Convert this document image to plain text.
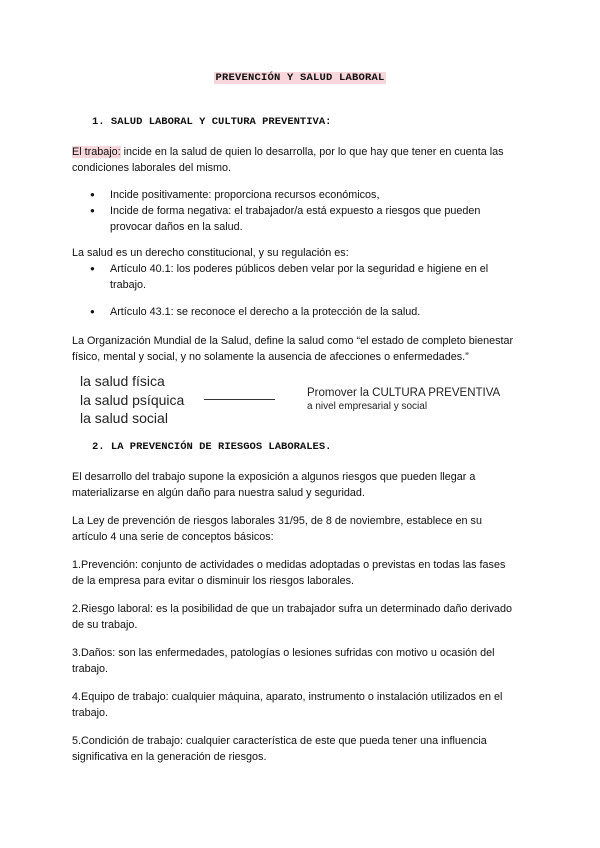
PREVENCIÓN Y SALUD LABORAL
1. SALUD LABORAL Y CULTURA PREVENTIVA:
El trabajo: incide en la salud de quien lo desarrolla, por lo que hay que tener en cuenta las
condiciones laborales del mismo.
● Incide positivamente: proporciona recursos económicos,
● Incide de forma negativa: el trabajador/a está expuesto a riesgos que pueden
provocar daños en la salud.
La salud es un derecho constitucional, y su regulación es:
● Artículo 40.1: los poderes públicos deben velar por la seguridad e higiene en el
trabajo.
● Artículo 43.1: se reconoce el derecho a la protección de la salud.
La Organización Mundial de la Salud, define la salud como “el estado de completo bienestar
físico, mental y social, y no solamente la ausencia de afecciones o enfermedades.”
la salud física
la salud psíquica
la salud social
Promover la CULTURA PREVENTIVA
a nivel empresarial y social
2. LA PREVENCIÓN DE RIESGOS LABORALES.
El desarrollo del trabajo supone la exposición a algunos riesgos que pueden llegar a
materializarse en algún daño para nuestra salud y seguridad.
La Ley de prevención de riesgos laborales 31/95, de 8 de noviembre, establece en su
artículo 4 una serie de conceptos básicos:
1.Prevención: conjunto de actividades o medidas adoptadas o previstas en todas las fases
de la empresa para evitar o disminuir los riesgos laborales.
2.Riesgo laboral: es la posibilidad de que un trabajador sufra un determinado daño derivado
de su trabajo.
3.Daños: son las enfermedades, patologías o lesiones sufridas con motivo u ocasión del
trabajo.
4.Equipo de trabajo: cualquier máquina, aparato, instrumento o instalación utilizados en el
trabajo.
5.Condición de trabajo: cualquier característica de este que pueda tener una influencia
significativa en la generación de riesgos.
